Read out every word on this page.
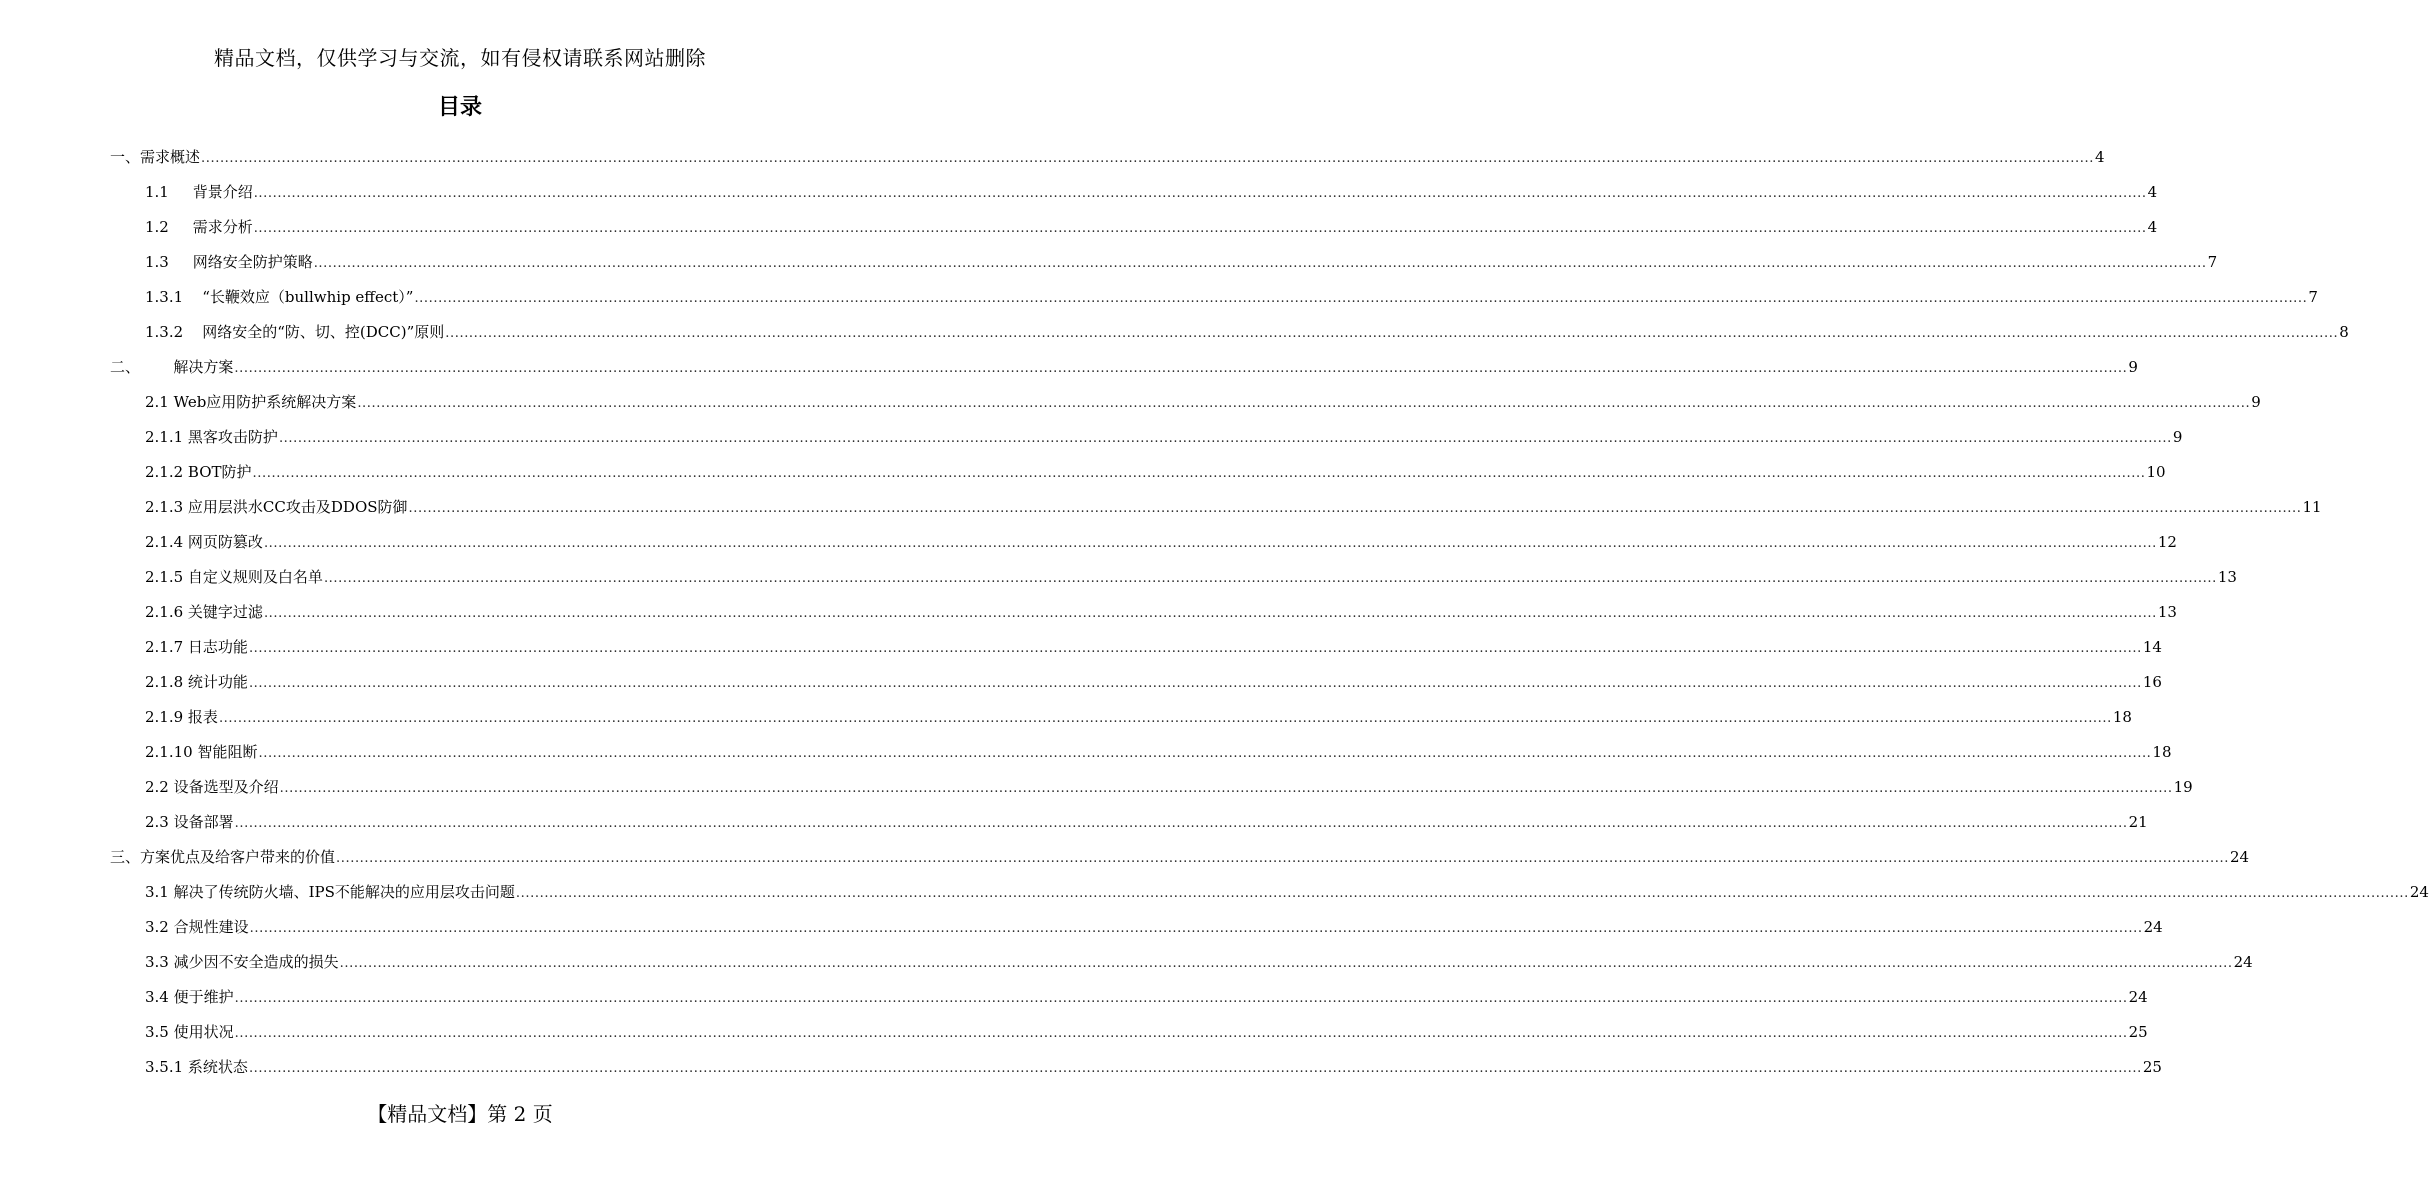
精品文档，仅供学习与交流，如有侵权请联系网站删除
目录
一、需求概述 ................................................................................................................................................................................................................................................................................................................................................................................................................ 4
1.1     背景介绍 ................................................................................................................................................................................................................................................................................................................................................................................................................ 4
1.2     需求分析 ................................................................................................................................................................................................................................................................................................................................................................................................................ 4
1.3     网络安全防护策略 ................................................................................................................................................................................................................................................................................................................................................................................................................ 7
1.3.1    “长鞭效应（bullwhip effect）” ................................................................................................................................................................................................................................................................................................................................................................................................................ 7
1.3.2    网络安全的“防、切、控(DCC)”原则 ................................................................................................................................................................................................................................................................................................................................................................................................................ 8
二、       解决方案 ................................................................................................................................................................................................................................................................................................................................................................................................................ 9
2.1 Web应用防护系统解决方案 ................................................................................................................................................................................................................................................................................................................................................................................................................ 9
2.1.1 黑客攻击防护 ................................................................................................................................................................................................................................................................................................................................................................................................................ 9
2.1.2 BOT防护 ................................................................................................................................................................................................................................................................................................................................................................................................................ 10
2.1.3 应用层洪水CC攻击及DDOS防御 ................................................................................................................................................................................................................................................................................................................................................................................................................ 11
2.1.4 网页防篡改 ................................................................................................................................................................................................................................................................................................................................................................................................................ 12
2.1.5 自定义规则及白名单 ................................................................................................................................................................................................................................................................................................................................................................................................................ 13
2.1.6 关键字过滤 ................................................................................................................................................................................................................................................................................................................................................................................................................ 13
2.1.7 日志功能 ................................................................................................................................................................................................................................................................................................................................................................................................................ 14
2.1.8 统计功能 ................................................................................................................................................................................................................................................................................................................................................................................................................ 16
2.1.9 报表 ................................................................................................................................................................................................................................................................................................................................................................................................................ 18
2.1.10 智能阻断 ................................................................................................................................................................................................................................................................................................................................................................................................................ 18
2.2 设备选型及介绍 ................................................................................................................................................................................................................................................................................................................................................................................................................ 19
2.3 设备部署 ................................................................................................................................................................................................................................................................................................................................................................................................................ 21
三、方案优点及给客户带来的价值 ................................................................................................................................................................................................................................................................................................................................................................................................................ 24
3.1 解决了传统防火墙、IPS不能解决的应用层攻击问题 ................................................................................................................................................................................................................................................................................................................................................................................................................ 24
3.2 合规性建设 ................................................................................................................................................................................................................................................................................................................................................................................................................ 24
3.3 减少因不安全造成的损失 ................................................................................................................................................................................................................................................................................................................................................................................................................ 24
3.4 便于维护 ................................................................................................................................................................................................................................................................................................................................................................................................................ 24
3.5 使用状况 ................................................................................................................................................................................................................................................................................................................................................................................................................ 25
3.5.1 系统状态 ................................................................................................................................................................................................................................................................................................................................................................................................................ 25
【精品文档】第 2 页
